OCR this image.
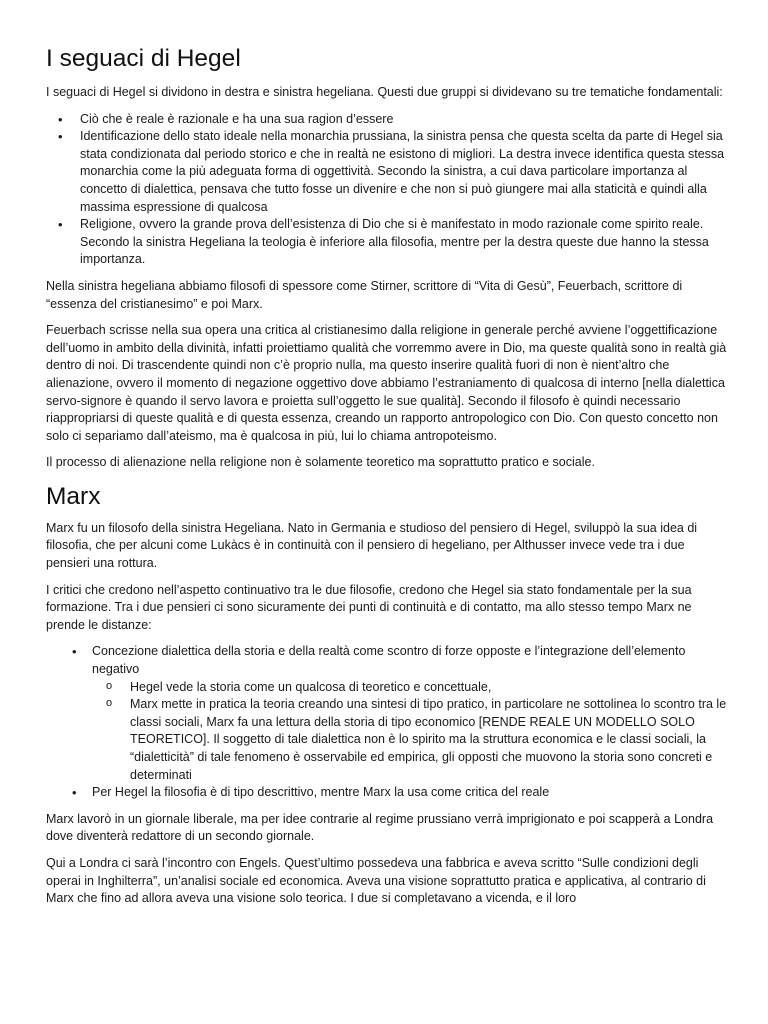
I seguaci di Hegel

I seguaci di Hegel si dividono in destra e sinistra hegeliana. Questi due gruppi si dividevano su tre tematiche fondamentali:

• Ciò che è reale è razionale e ha una sua ragion d’essere
• Identificazione dello stato ideale nella monarchia prussiana, la sinistra pensa che questa scelta da parte di Hegel sia stata condizionata dal periodo storico e che in realtà ne esistono di migliori. La destra invece identifica questa stessa monarchia come la più adeguata forma di oggettività. Secondo la sinistra, a cui dava particolare importanza al concetto di dialettica, pensava che tutto fosse un divenire e che non si può giungere mai alla staticità e quindi alla massima espressione di qualcosa
• Religione, ovvero la grande prova dell’esistenza di Dio che si è manifestato in modo razionale come spirito reale. Secondo la sinistra Hegeliana la teologia è inferiore alla filosofia, mentre per la destra queste due hanno la stessa importanza.

Nella sinistra hegeliana abbiamo filosofi di spessore come Stirner, scrittore di “Vita di Gesù”, Feuerbach, scrittore di “essenza del cristianesimo” e poi Marx.

Feuerbach scrisse nella sua opera una critica al cristianesimo dalla religione in generale perché avviene l’oggettificazione dell’uomo in ambito della divinità, infatti proiettiamo qualità che vorremmo avere in Dio, ma queste qualità sono in realtà già dentro di noi. Di trascendente quindi non c’è proprio nulla, ma questo inserire qualità fuori di non è nient’altro che alienazione, ovvero il momento di negazione oggettivo dove abbiamo l’estraniamento di qualcosa di interno [nella dialettica servo-signore è quando il servo lavora e proietta sull’oggetto le sue qualità]. Secondo il filosofo è quindi necessario riappropriarsi di queste qualità e di questa essenza, creando un rapporto antropologico con Dio. Con questo concetto non solo ci separiamo dall’ateismo, ma è qualcosa in più, lui lo chiama antropoteismo.

Il processo di alienazione nella religione non è solamente teoretico ma soprattutto pratico e sociale.

Marx

Marx fu un filosofo della sinistra Hegeliana. Nato in Germania e studioso del pensiero di Hegel, sviluppò la sua idea di filosofia, che per alcuni come Lukàcs è in continuità con il pensiero di hegeliano, per Althusser invece vede tra i due pensieri una rottura.

I critici che credono nell’aspetto continuativo tra le due filosofie, credono che Hegel sia stato fondamentale per la sua formazione. Tra i due pensieri ci sono sicuramente dei punti di continuità e di contatto, ma allo stesso tempo Marx ne prende le distanze:

• Concezione dialettica della storia e della realtà come scontro di forze opposte e l’integrazione dell’elemento negativo
o Hegel vede la storia come un qualcosa di teoretico e concettuale,
o Marx mette in pratica la teoria creando una sintesi di tipo pratico, in particolare ne sottolinea lo scontro tra le classi sociali, Marx fa una lettura della storia di tipo economico [RENDE REALE UN MODELLO SOLO TEORETICO]. Il soggetto di tale dialettica non è lo spirito ma la struttura economica e le classi sociali, la “dialetticità” di tale fenomeno è osservabile ed empirica, gli opposti che muovono la storia sono concreti e determinati
• Per Hegel la filosofia è di tipo descrittivo, mentre Marx la usa come critica del reale

Marx lavorò in un giornale liberale, ma per idee contrarie al regime prussiano verrà imprigionato e poi scapperà a Londra dove diventerà redattore di un secondo giornale.

Qui a Londra ci sarà l’incontro con Engels. Quest’ultimo possedeva una fabbrica e aveva scritto “Sulle condizioni degli operai in Inghilterra”, un’analisi sociale ed economica. Aveva una visione soprattutto pratica e applicativa, al contrario di Marx che fino ad allora aveva una visione solo teorica. I due si completavano a vicenda, e il loro
